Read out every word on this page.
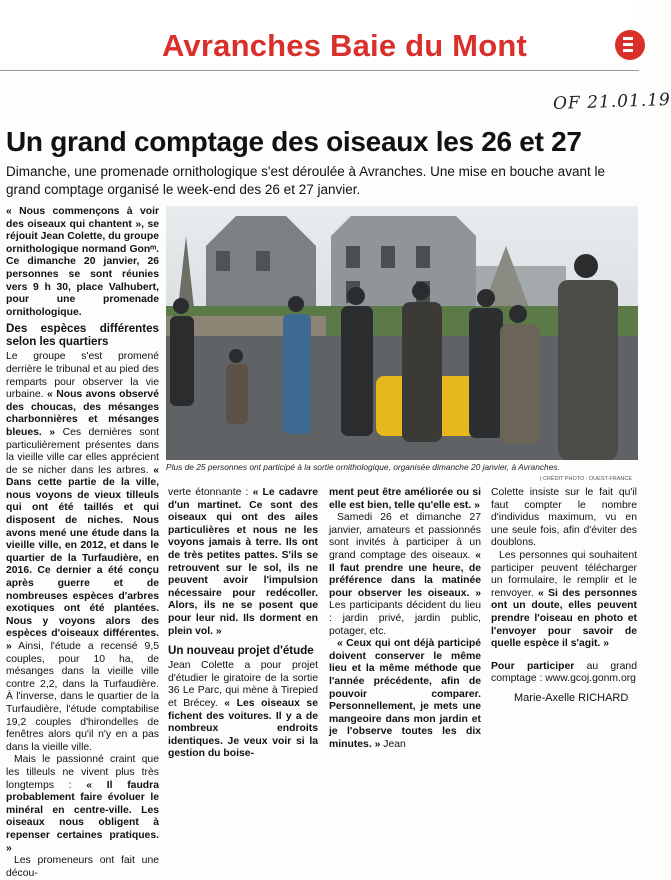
Avranches Baie du Mont
OF 21.01.19
Un grand comptage des oiseaux les 26 et 27
Dimanche, une promenade ornithologique s'est déroulée à Avranches. Une mise en bouche avant le grand comptage organisé le week-end des 26 et 27 janvier.

« Nous commençons à voir des oiseaux qui chantent », se réjouit Jean Colette, du groupe ornithologique normand Gonᵐ. Ce dimanche 20 janvier, 26 personnes se sont réunies vers 9 h 30, place Valhubert, pour une promenade ornithologique.

Des espèces différentes selon les quartiers

Le groupe s'est promené derrière le tribunal et au pied des remparts pour observer la vie urbaine. « Nous avons observé des choucas, des mésanges charbonnières et mésanges bleues. » Ces dernières sont particulièrement présentes dans la vieille ville car elles apprécient de se nicher dans les arbres. « Dans cette partie de la ville, nous voyons de vieux tilleuls qui ont été taillés et qui disposent de niches. Nous avons mené une étude dans la vieille ville, en 2012, et dans le quartier de la Turfaudière, en 2016. Ce dernier a été conçu après guerre et de nombreuses espèces d'arbres exotiques ont été plantées. Nous y voyons alors des espèces d'oiseaux différentes. » Ainsi, l'étude a recensé 9,5 couples, pour 10 ha, de mésanges dans la vieille ville contre 2,2, dans la Turfaudière. À l'inverse, dans le quartier de la Turfaudière, l'étude comptabilise 19,2 couples d'hirondelles de fenêtres alors qu'il n'y en a pas dans la vieille ville.

Mais le passionné craint que les tilleuls ne vivent plus très longtemps : « Il faudra probablement faire évoluer le minéral en centre-ville. Les oiseaux nous obligent à repenser certaines pratiques. »

Les promeneurs ont fait une décou-

Plus de 25 personnes ont participé à la sortie ornithologique, organisée dimanche 20 janvier, à Avranches.
| CRÉDIT PHOTO : OUEST-FRANCE

verte étonnante : « Le cadavre d'un martinet. Ce sont des oiseaux qui ont des ailes particulières et nous ne les voyons jamais à terre. Ils ont de très petites pattes. S'ils se retrouvent sur le sol, ils ne peuvent avoir l'impulsion nécessaire pour redécoller. Alors, ils ne se posent que pour leur nid. Ils dorment en plein vol. »

Un nouveau projet d'étude

Jean Colette a pour projet d'étudier le giratoire de la sortie 36 Le Parc, qui mène à Tirepied et Brécey. « Les oiseaux se fichent des voitures. Il y a de nombreux endroits identiques. Je veux voir si la gestion du boise-

ment peut être améliorée ou si elle est bien, telle qu'elle est. »

Samedi 26 et dimanche 27 janvier, amateurs et passionnés sont invités à participer à un grand comptage des oiseaux. « Il faut prendre une heure, de préférence dans la matinée pour observer les oiseaux. » Les participants décident du lieu : jardin privé, jardin public, potager, etc.

« Ceux qui ont déjà participé doivent conserver le même lieu et la même méthode que l'année précédente, afin de pouvoir comparer. Personnellement, je mets une mangeoire dans mon jardin et je l'observe toutes les dix minutes. » Jean

Colette insiste sur le fait qu'il faut compter le nombre d'individus maximum, vu en une seule fois, afin d'éviter des doublons.

Les personnes qui souhaitent participer peuvent télécharger un formulaire, le remplir et le renvoyer. « Si des personnes ont un doute, elles peuvent prendre l'oiseau en photo et l'envoyer pour savoir de quelle espèce il s'agit. »

Pour participer au grand comptage : www.gcoj.gonm.org

Marie-Axelle RICHARD
